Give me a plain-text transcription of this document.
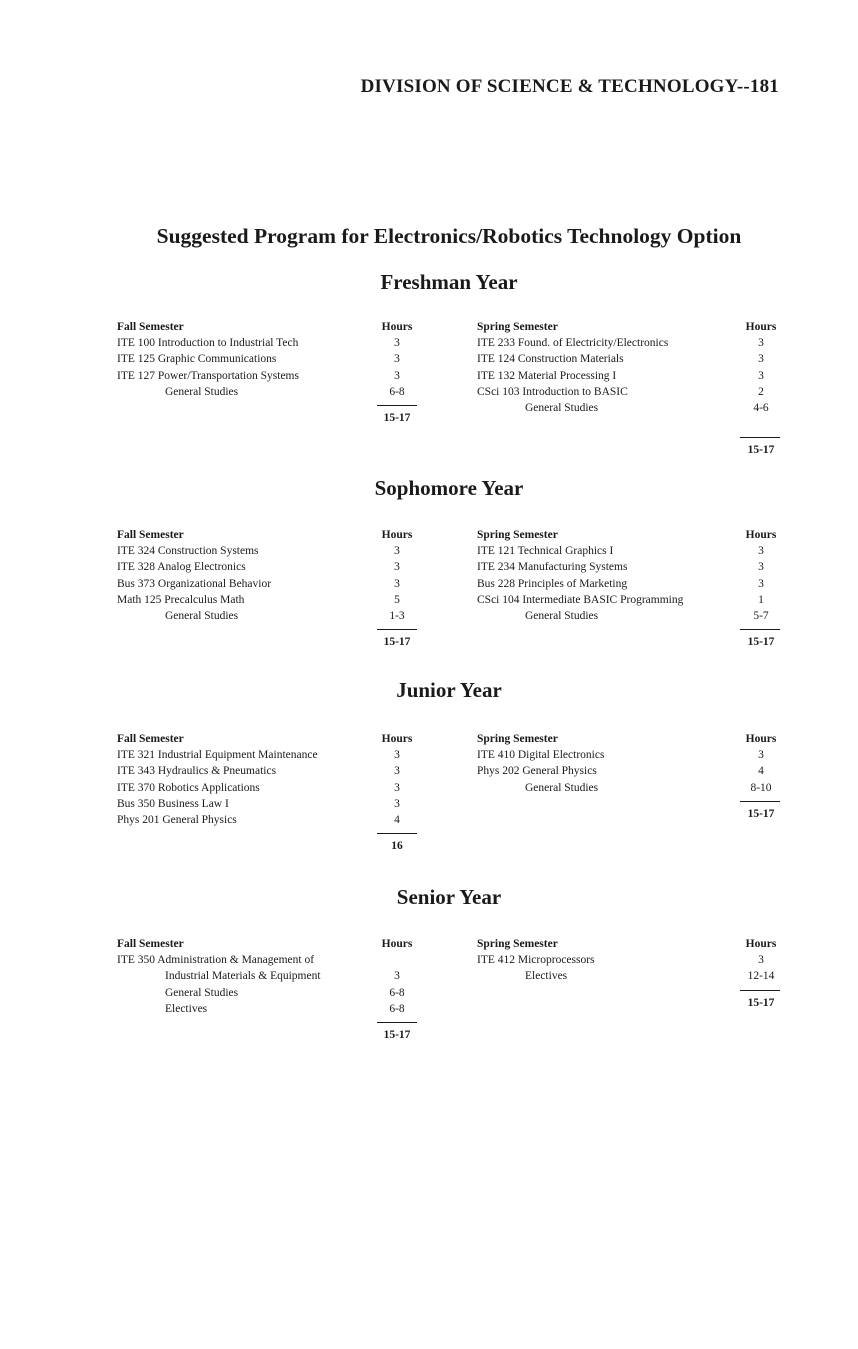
DIVISION OF SCIENCE & TECHNOLOGY--181
Suggested Program for Electronics/Robotics Technology Option
Freshman Year
Sophomore Year
Junior Year
Senior Year
Fall Semester	Hours
ITE 100 Introduction to Industrial Tech	3
ITE 125 Graphic Communications	3
ITE 127 Power/Transportation Systems	3
General Studies	6-8
15-17
Spring Semester	Hours
ITE 233 Found. of Electricity/Electronics	3
ITE 124 Construction Materials	3
ITE 132 Material Processing I	3
CSci 103 Introduction to BASIC	2
General Studies	4-6
15-17
Fall Semester	Hours
ITE 324 Construction Systems	3
ITE 328 Analog Electronics	3
Bus 373 Organizational Behavior	3
Math 125 Precalculus Math	5
General Studies	1-3
15-17
Spring Semester	Hours
ITE 121 Technical Graphics I	3
ITE 234 Manufacturing Systems	3
Bus 228 Principles of Marketing	3
CSci 104 Intermediate BASIC Programming	1
General Studies	5-7
15-17
Fall Semester	Hours
ITE 321 Industrial Equipment Maintenance	3
ITE 343 Hydraulics & Pneumatics	3
ITE 370 Robotics Applications	3
Bus 350 Business Law I	3
Phys 201 General Physics	4
16
Spring Semester	Hours
ITE 410 Digital Electronics	3
Phys 202 General Physics	4
General Studies	8-10
15-17
Fall Semester	Hours
ITE 350 Administration & Management of
Industrial Materials & Equipment	3
General Studies	6-8
Electives	6-8
15-17
Spring Semester	Hours
ITE 412 Microprocessors	3
Electives	12-14
15-17
